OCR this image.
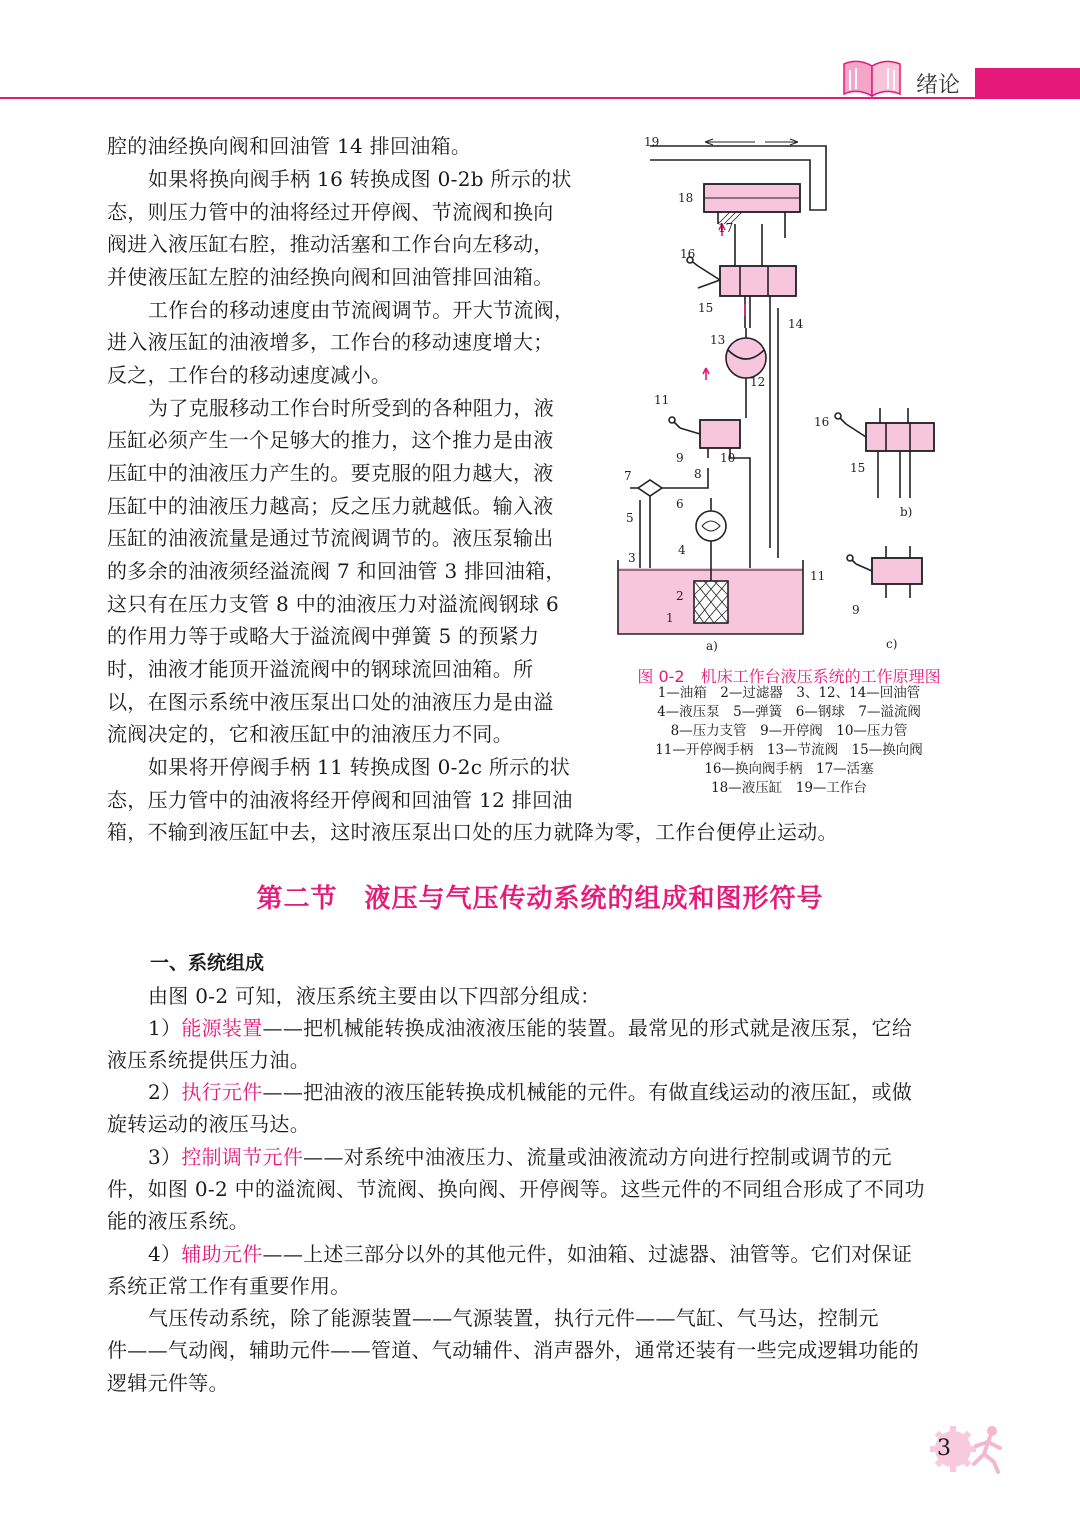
绪论
腔的油经换向阀和回油管 14 排回油箱。
如果将换向阀手柄 16 转换成图 0-2b 所示的状
态，则压力管中的油将经过开停阀、节流阀和换向
阀进入液压缸右腔，推动活塞和工作台向左移动，
并使液压缸左腔的油经换向阀和回油管排回油箱。
工作台的移动速度由节流阀调节。开大节流阀，
进入液压缸的油液增多，工作台的移动速度增大；
反之，工作台的移动速度减小。
为了克服移动工作台时所受到的各种阻力，液
压缸必须产生一个足够大的推力，这个推力是由液
压缸中的油液压力产生的。要克服的阻力越大，液
压缸中的油液压力越高；反之压力就越低。输入液
压缸的油液流量是通过节流阀调节的。液压泵输出
的多余的油液须经溢流阀 7 和回油管 3 排回油箱，
这只有在压力支管 8 中的油液压力对溢流阀钢球 6
的作用力等于或略大于溢流阀中弹簧 5 的预紧力
时，油液才能顶开溢流阀中的钢球流回油箱。所
以，在图示系统中液压泵出口处的油液压力是由溢
流阀决定的，它和液压缸中的油液压力不同。
如果将开停阀手柄 11 转换成图 0-2c 所示的状
态，压力管中的油液将经开停阀和回油管 12 排回油
箱，不输到液压缸中去，这时液压泵出口处的压力就降为零，工作台便停止运动。
19
18
17
16
15
14
13
12
11
10
9
8
7
6
5
4
3
2
1
16
15
b)
11
9
a)	c)
图 0-2　机床工作台液压系统的工作原理图
1—油箱　2—过滤器　3、12、14—回油管
4—液压泵　5—弹簧　6—钢球　7—溢流阀
8—压力支管　9—开停阀　10—压力管
11—开停阀手柄　13—节流阀　15—换向阀
16—换向阀手柄　17—活塞
18—液压缸　19—工作台
第二节　液压与气压传动系统的组成和图形符号
一、系统组成
由图 0-2 可知，液压系统主要由以下四部分组成：
1）能源装置——把机械能转换成油液液压能的装置。最常见的形式就是液压泵，它给
液压系统提供压力油。
2）执行元件——把油液的液压能转换成机械能的元件。有做直线运动的液压缸，或做
旋转运动的液压马达。
3）控制调节元件——对系统中油液压力、流量或油液流动方向进行控制或调节的元
件，如图 0-2 中的溢流阀、节流阀、换向阀、开停阀等。这些元件的不同组合形成了不同功
能的液压系统。
4）辅助元件——上述三部分以外的其他元件，如油箱、过滤器、油管等。它们对保证
系统正常工作有重要作用。
气压传动系统，除了能源装置——气源装置，执行元件——气缸、气马达，控制元
件——气动阀，辅助元件——管道、气动辅件、消声器外，通常还装有一些完成逻辑功能的
逻辑元件等。
3
